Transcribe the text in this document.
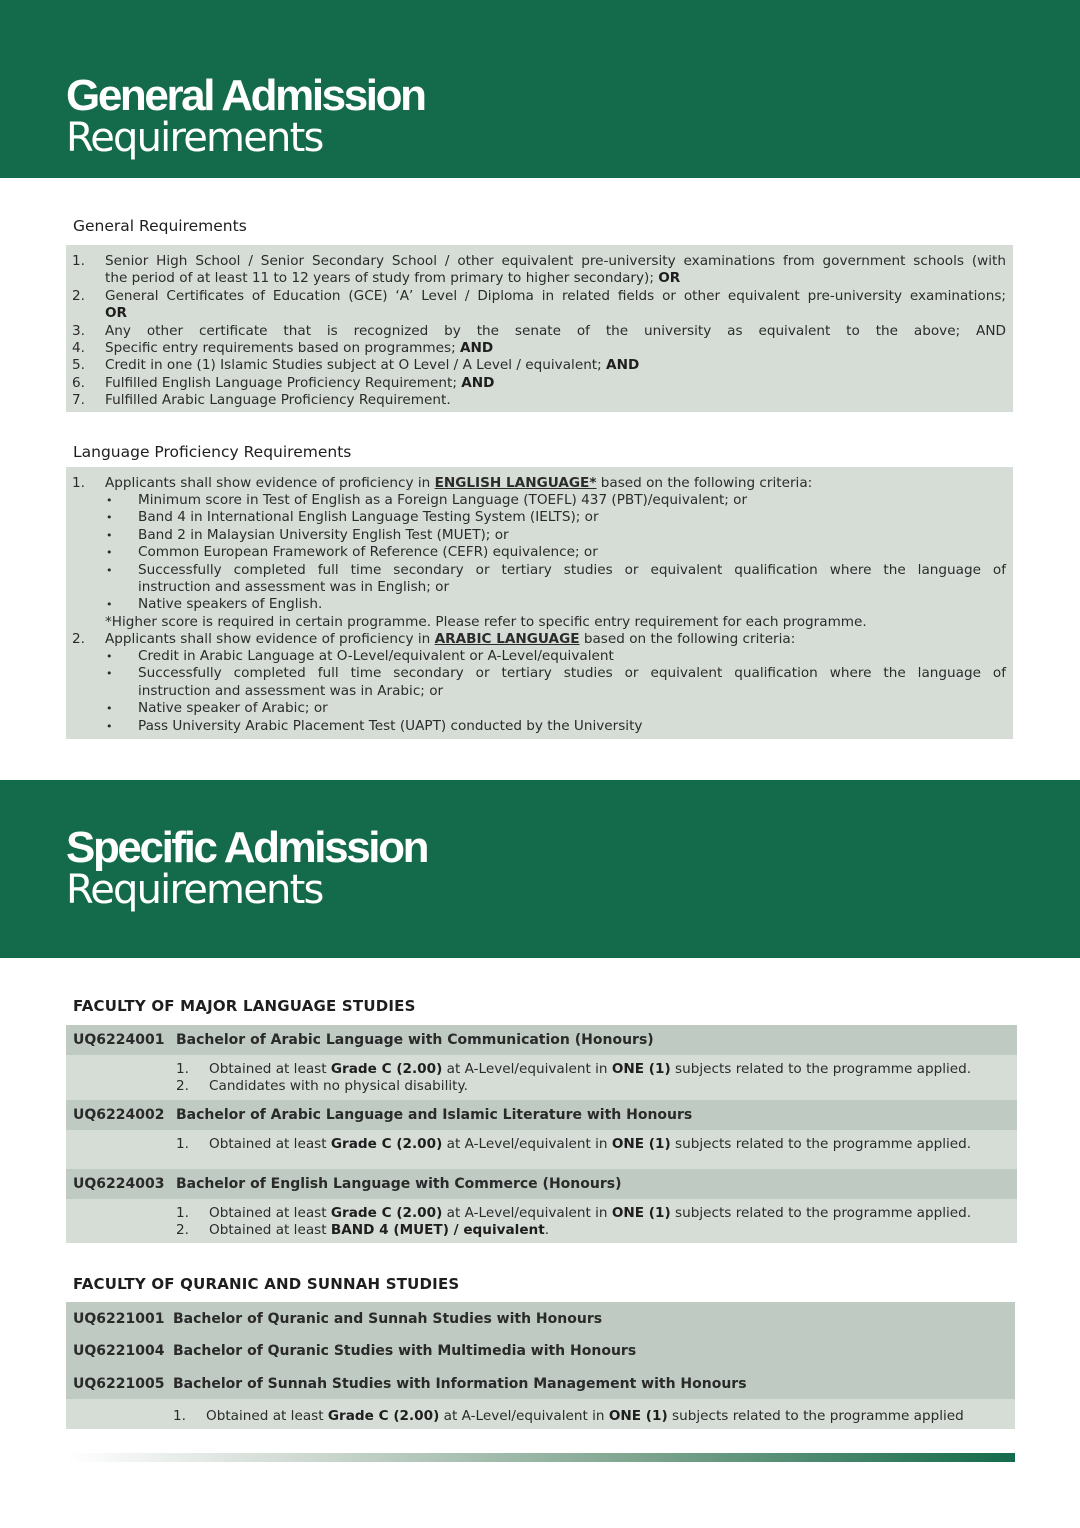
General Admission
Requirements
General Requirements
1. Senior High School / Senior Secondary School / other equivalent pre-university examinations from government schools (with
the period of at least 11 to 12 years of study from primary to higher secondary); OR
2. General Certificates of Education (GCE) ‘A’ Level / Diploma in related fields or other equivalent pre-university examinations;
OR
3. Any other certificate that is recognized by the senate of the university as equivalent to the above; AND
4. Specific entry requirements based on programmes; AND
5. Credit in one (1) Islamic Studies subject at O Level / A Level / equivalent; AND
6. Fulfilled English Language Proficiency Requirement; AND
7. Fulfilled Arabic Language Proficiency Requirement.
Language Proficiency Requirements
1. Applicants shall show evidence of proficiency in ENGLISH LANGUAGE* based on the following criteria:
• Minimum score in Test of English as a Foreign Language (TOEFL) 437 (PBT)/equivalent; or
• Band 4 in International English Language Testing System (IELTS); or
• Band 2 in Malaysian University English Test (MUET); or
• Common European Framework of Reference (CEFR) equivalence; or
• Successfully completed full time secondary or tertiary studies or equivalent qualification where the language of
instruction and assessment was in English; or
• Native speakers of English.
*Higher score is required in certain programme. Please refer to specific entry requirement for each programme.
2. Applicants shall show evidence of proficiency in ARABIC LANGUAGE based on the following criteria:
• Credit in Arabic Language at O-Level/equivalent or A-Level/equivalent
• Successfully completed full time secondary or tertiary studies or equivalent qualification where the language of
instruction and assessment was in Arabic; or
• Native speaker of Arabic; or
• Pass University Arabic Placement Test (UAPT) conducted by the University
Specific Admission
Requirements
FACULTY OF MAJOR LANGUAGE STUDIES
UQ6224001 Bachelor of Arabic Language with Communication (Honours)
1. Obtained at least Grade C (2.00) at A-Level/equivalent in ONE (1) subjects related to the programme applied.
2. Candidates with no physical disability.
UQ6224002 Bachelor of Arabic Language and Islamic Literature with Honours
1. Obtained at least Grade C (2.00) at A-Level/equivalent in ONE (1) subjects related to the programme applied.
UQ6224003 Bachelor of English Language with Commerce (Honours)
1. Obtained at least Grade C (2.00) at A-Level/equivalent in ONE (1) subjects related to the programme applied.
2. Obtained at least BAND 4 (MUET) / equivalent.
FACULTY OF QURANIC AND SUNNAH STUDIES
UQ6221001 Bachelor of Quranic and Sunnah Studies with Honours
UQ6221004 Bachelor of Quranic Studies with Multimedia with Honours
UQ6221005 Bachelor of Sunnah Studies with Information Management with Honours
1. Obtained at least Grade C (2.00) at A-Level/equivalent in ONE (1) subjects related to the programme applied
